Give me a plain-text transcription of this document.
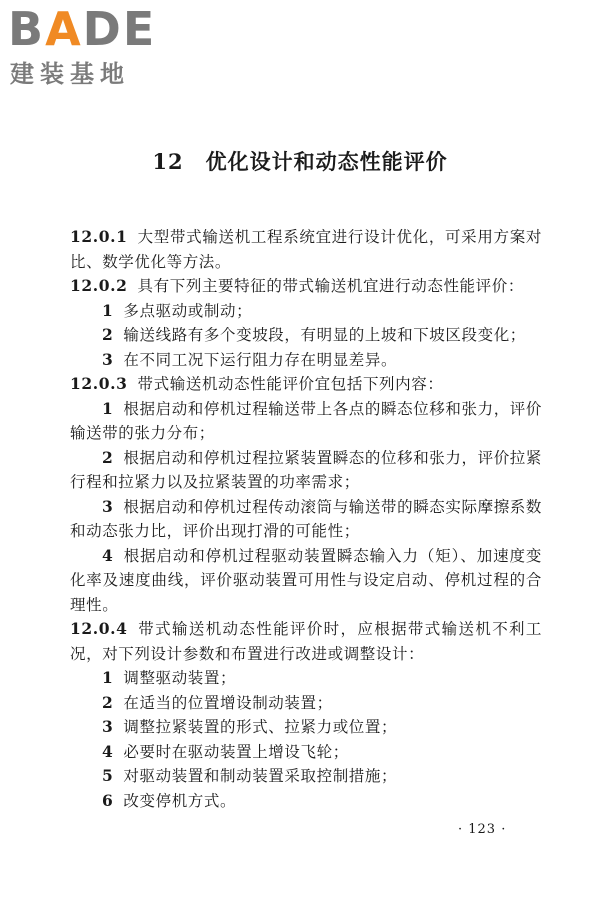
BADE
建装基地
12 优化设计和动态性能评价

12.0.1 大型带式输送机工程系统宜进行设计优化，可采用方案对比、数学优化等方法。

12.0.2 具有下列主要特征的带式输送机宜进行动态性能评价：

1 多点驱动或制动；

2 输送线路有多个变坡段，有明显的上坡和下坡区段变化；

3 在不同工况下运行阻力存在明显差异。

12.0.3 带式输送机动态性能评价宜包括下列内容：

1 根据启动和停机过程输送带上各点的瞬态位移和张力，评价输送带的张力分布；

2 根据启动和停机过程拉紧装置瞬态的位移和张力，评价拉紧行程和拉紧力以及拉紧装置的功率需求；

3 根据启动和停机过程传动滚筒与输送带的瞬态实际摩擦系数和动态张力比，评价出现打滑的可能性；

4 根据启动和停机过程驱动装置瞬态输入力（矩）、加速度变化率及速度曲线，评价驱动装置可用性与设定启动、停机过程的合理性。

12.0.4 带式输送机动态性能评价时，应根据带式输送机不利工况，对下列设计参数和布置进行改进或调整设计：

1 调整驱动装置；

2 在适当的位置增设制动装置；

3 调整拉紧装置的形式、拉紧力或位置；

4 必要时在驱动装置上增设飞轮；

5 对驱动装置和制动装置采取控制措施；

6 改变停机方式。

· 123 ·
